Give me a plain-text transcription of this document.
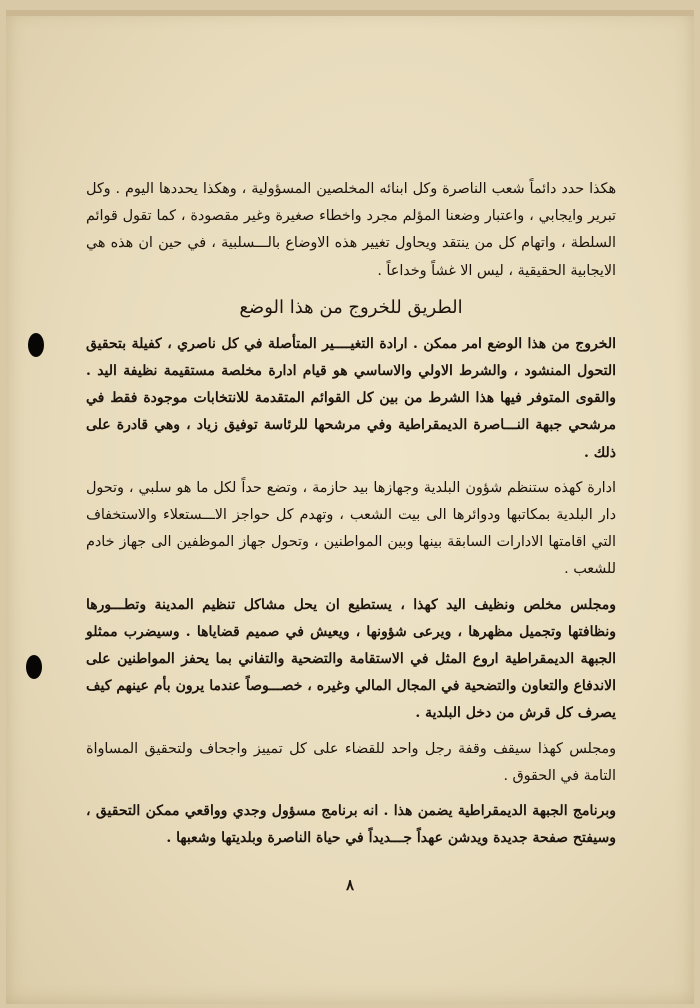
هكذا حدد دائماً شعب الناصرة وكل ابنائه المخلصين المسؤولية ، وهكذا يحددها اليوم . وكل تبرير وايجابي ، واعتبار وضعنا المؤلم مجرد واخطاء صغيرة وغير مقصودة ، كما تقول قوائم السلطة ، واتهام كل من ينتقد ويحاول تغيير هذه الاوضاع بالـــسلبية ، في حين ان هذه هي الايجابية الحقيقية ، ليس الا غشاً وخداعاً .

الطريق للخروج من هذا الوضع

الخروج من هذا الوضع امر ممكن . ارادة التغيــــير المتأصلة في كل ناصري ، كفيلة بتحقيق التحول المنشود ، والشرط الاولي والاساسي هو قيام ادارة مخلصة مستقيمة نظيفة اليد . والقوى المتوفر فيها هذا الشرط من بين كل القوائم المتقدمة للانتخابات موجودة فقط في مرشحي جبهة النـــاصرة الديمقراطية وفي مرشحها للرئاسة توفيق زياد ، وهي قادرة على ذلك .

ادارة كهذه ستنظم شؤون البلدية وجهازها بيد حازمة ، وتضع حداً لكل ما هو سلبي ، وتحول دار البلدية بمكاتبها ودوائرها الى بيت الشعب ، وتهدم كل حواجز الاـــستعلاء والاستخفاف التي اقامتها الادارات السابقة بينها وبين المواطنين ، وتحول جهاز الموظفين الى جهاز خادم للشعب .

ومجلس مخلص ونظيف اليد كهذا ، يستطيع ان يحل مشاكل تنظيم المدينة وتطـــورها ونظافتها وتجميل مظهرها ، ويرعى شؤونها ، ويعيش في صميم قضاياها . وسيضرب ممثلو الجبهة الديمقراطية اروع المثل في الاستقامة والتضحية والتفاني بما يحفز المواطنين على الاندفاع والتعاون والتضحية في المجال المالي وغيره ، خصـــوصاً عندما يرون بأم عينهم كيف يصرف كل قرش من دخل البلدية .

ومجلس كهذا سيقف وقفة رجل واحد للقضاء على كل تمييز واجحاف ولتحقيق المساواة التامة في الحقوق .

وبرنامج الجبهة الديمقراطية يضمن هذا . انه برنامج مسؤول وجدي وواقعي ممكن التحقيق ، وسيفتح صفحة جديدة ويدشن عهداً جـــديداً في حياة الناصرة وبلديتها وشعبها .

٨
